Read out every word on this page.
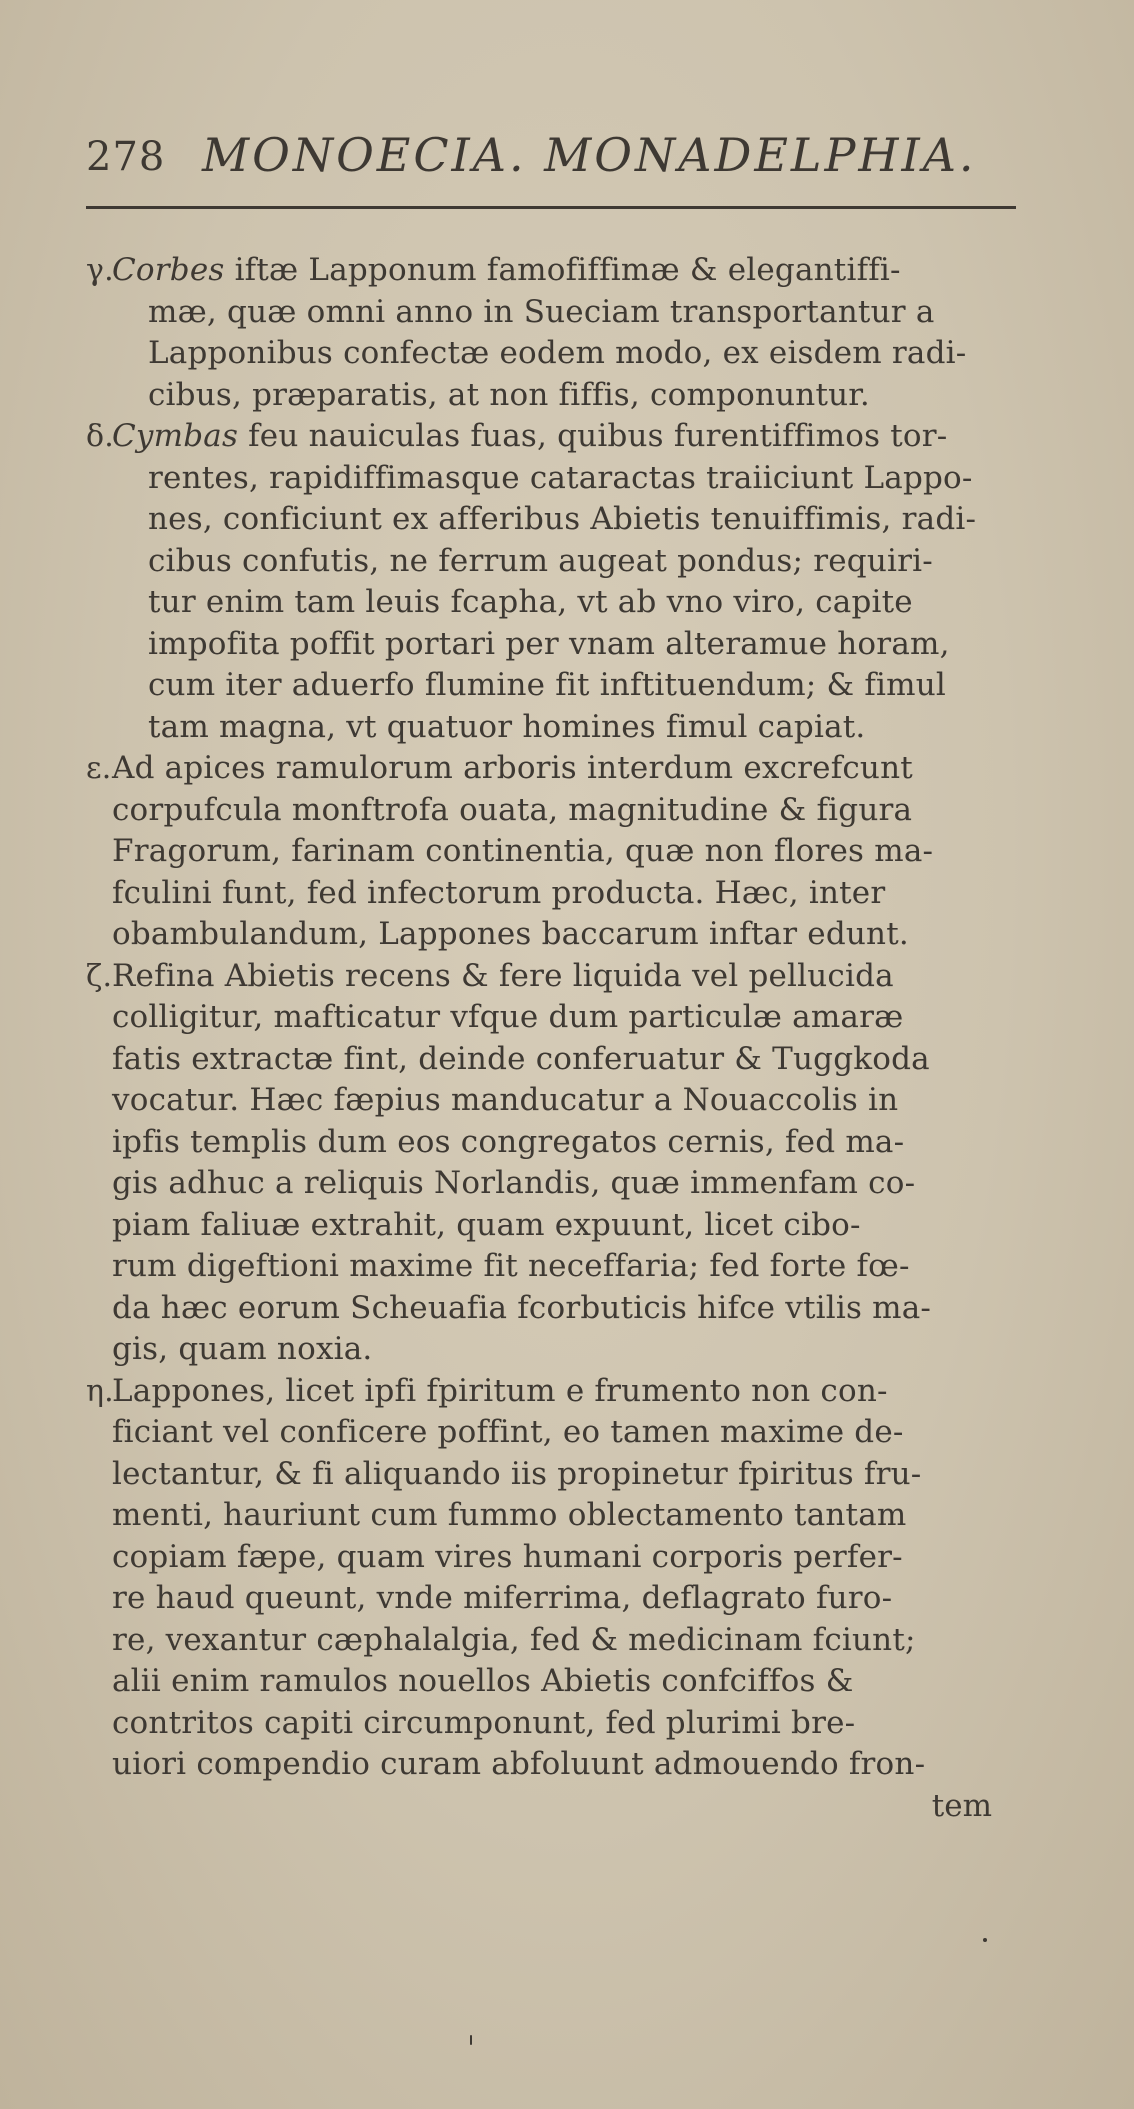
278 MONOECIA. MONADELPHIA.
γ.
Corbes iftæ Lapponum famofiffimæ & elegantiffi-
mæ, quæ omni anno in Sueciam transportantur a
Lapponibus confectæ eodem modo, ex eisdem radi-
cibus, præparatis, at non fiffis, componuntur.
δ.
Cymbas feu nauiculas fuas, quibus furentiffimos tor-
rentes, rapidiffimasque cataractas traiiciunt Lappo-
nes, conficiunt ex afferibus Abietis tenuiffimis, radi-
cibus confutis, ne ferrum augeat pondus; requiri-
tur enim tam leuis fcapha, vt ab vno viro, capite
impofita poffit portari per vnam alteramue horam,
cum iter aduerfo flumine fit inftituendum; & fimul
tam magna, vt quatuor homines fimul capiat.
ε. Ad apices ramulorum arboris interdum excrefcunt
corpufcula monftrofa ouata, magnitudine & figura
Fragorum, farinam continentia, quæ non flores ma-
fculini funt, fed infectorum producta. Hæc, inter
obambulandum, Lappones baccarum inftar edunt.
ζ. Refina Abietis recens & fere liquida vel pellucida
colligitur, mafticatur vfque dum particulæ amaræ
fatis extractæ fint, deinde conferuatur & Tuggkoda
vocatur. Hæc fæpius manducatur a Nouaccolis in
ipfis templis dum eos congregatos cernis, fed ma-
gis adhuc a reliquis Norlandis, quæ immenfam co-
piam faliuæ extrahit, quam expuunt, licet cibo-
rum digeftioni maxime fit neceffaria; fed forte fœ-
da hæc eorum Scheuafia fcorbuticis hifce vtilis ma-
gis, quam noxia.
η.
Lappones, licet ipfi fpiritum e frumento non con-
ficiant vel conficere poffint, eo tamen maxime de-
lectantur, & fi aliquando iis propinetur fpiritus fru-
menti, hauriunt cum fummo oblectamento tantam
copiam fæpe, quam vires humani corporis perfer-
re haud queunt, vnde miferrima, deflagrato furo-
re, vexantur cæphalalgia, fed & medicinam fciunt;
alii enim ramulos nouellos Abietis confciffos &
contritos capiti circumponunt, fed plurimi bre-
uiori compendio curam abfoluunt admouendo fron-
tem
